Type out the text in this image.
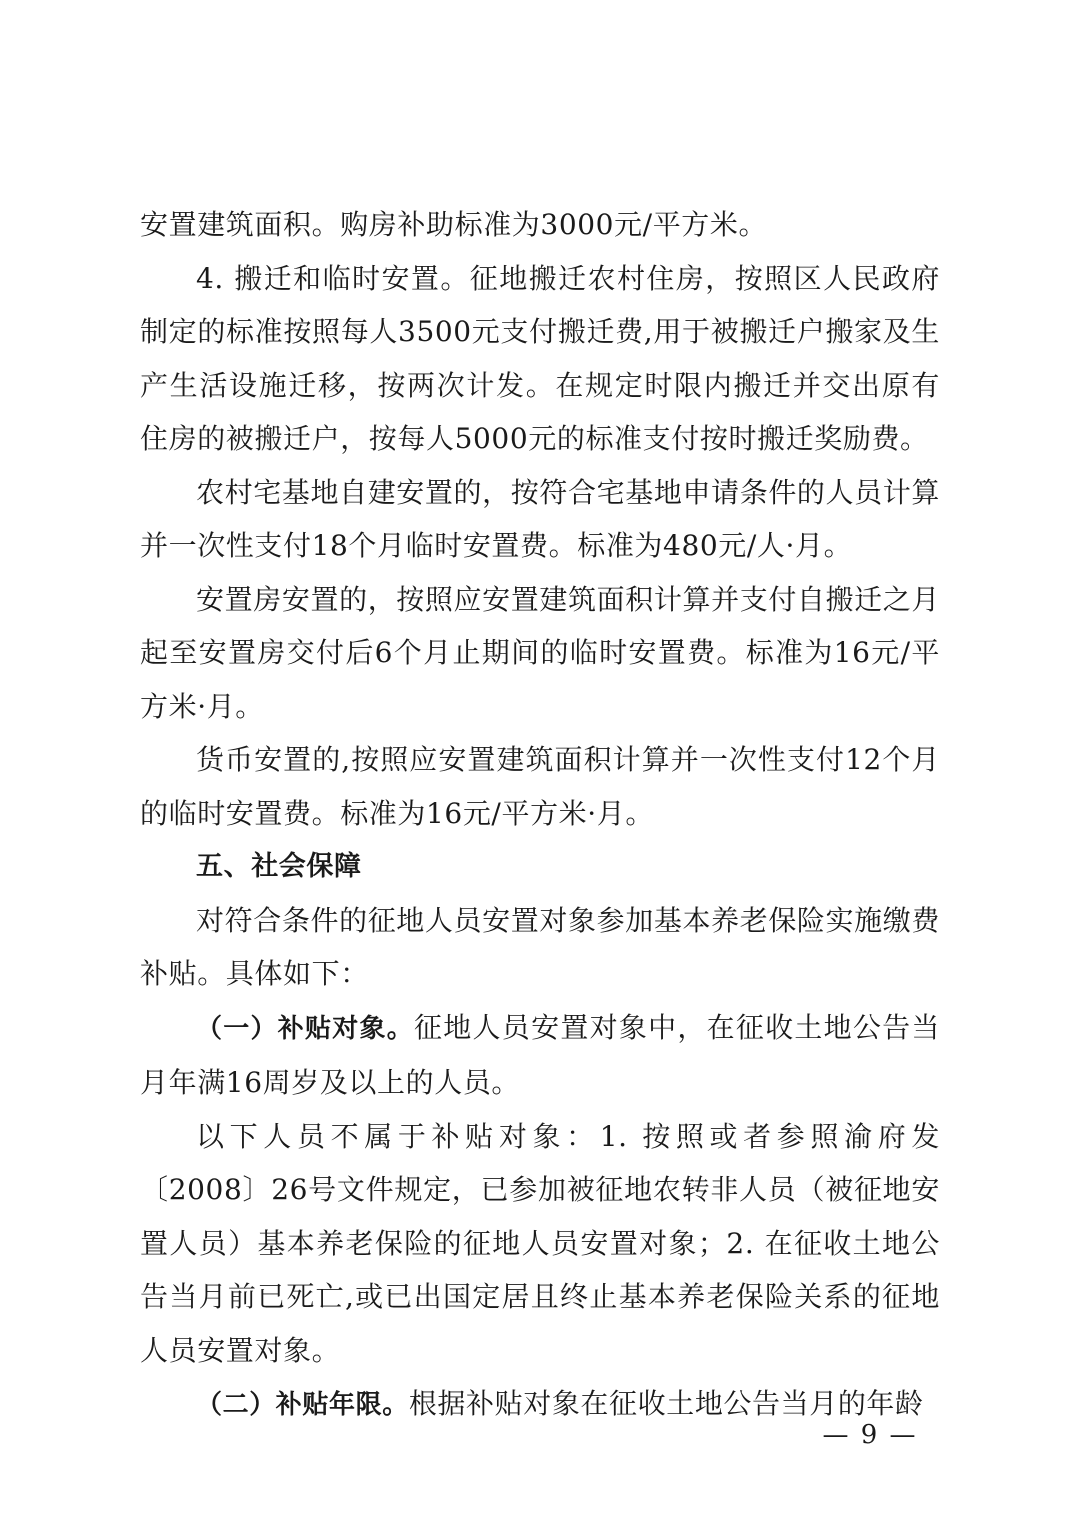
安置建筑面积。购房补助标准为3000元/平方米。

4. 搬迁和临时安置。征地搬迁农村住房，按照区人民政府制定的标准按照每人3500元支付搬迁费,用于被搬迁户搬家及生产生活设施迁移，按两次计发。在规定时限内搬迁并交出原有住房的被搬迁户，按每人5000元的标准支付按时搬迁奖励费。

农村宅基地自建安置的，按符合宅基地申请条件的人员计算并一次性支付18个月临时安置费。标准为480元/人·月。

安置房安置的，按照应安置建筑面积计算并支付自搬迁之月起至安置房交付后6个月止期间的临时安置费。标准为16元/平方米·月。

货币安置的,按照应安置建筑面积计算并一次性支付12个月的临时安置费。标准为16元/平方米·月。

五、社会保障

对符合条件的征地人员安置对象参加基本养老保险实施缴费补贴。具体如下：

（一）补贴对象。征地人员安置对象中，在征收土地公告当月年满16周岁及以上的人员。

以下人员不属于补贴对象：1. 按照或者参照渝府发〔2008〕26号文件规定，已参加被征地农转非人员（被征地安置人员）基本养老保险的征地人员安置对象；2. 在征收土地公告当月前已死亡,或已出国定居且终止基本养老保险关系的征地人员安置对象。

（二）补贴年限。根据补贴对象在征收土地公告当月的年龄

— 9 —
